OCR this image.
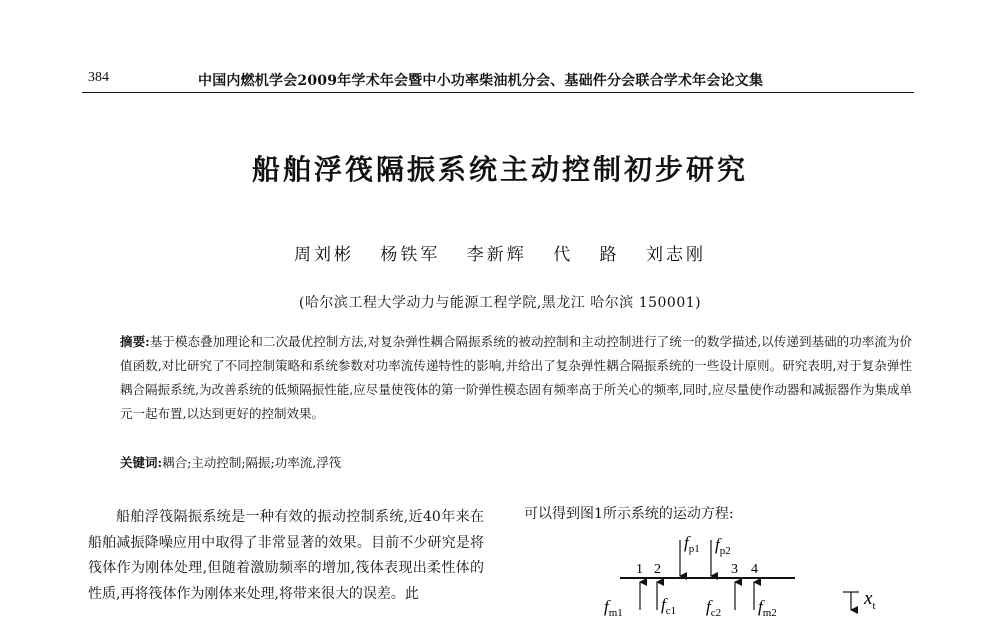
384	中国内燃机学会2009年学术年会暨中小功率柴油机分会、基础件分会联合学术年会论文集
船舶浮筏隔振系统主动控制初步研究
周刘彬 杨铁军 李新辉 代 路 刘志刚
(哈尔滨工程大学动力与能源工程学院,黑龙江 哈尔滨 150001)
摘要:基于模态叠加理论和二次最优控制方法,对复杂弹性耦合隔振系统的被动控制和主动控制进行了统一的数学描述,以传递到基础的功率流为价值函数,对比研究了不同控制策略和系统参数对功率流传递特性的影响,并给出了复杂弹性耦合隔振系统的一些设计原则。研究表明,对于复杂弹性耦合隔振系统,为改善系统的低频隔振性能,应尽量使筏体的第一阶弹性模态固有频率高于所关心的频率,同时,应尽量使作动器和减振器作为集成单元一起布置,以达到更好的控制效果。
关键词:耦合;主动控制;隔振;功率流,浮筏
船舶浮筏隔振系统是一种有效的振动控制系统,近40年来在船舶减振降噪应用中取得了非常显著的效果。目前不少研究是将筏体作为刚体处理,但随着激励频率的增加,筏体表现出柔性体的性质,再将筏体作为刚体来处理,将带来很大的误差。此
可以得到图1所示系统的运动方程:
$f_{p1}$ $f_{p2}$
1 2	3 4
$f_{m1}$ $f_{c1}$ $f_{c2}$ $f_{m2}$
$x_t$
